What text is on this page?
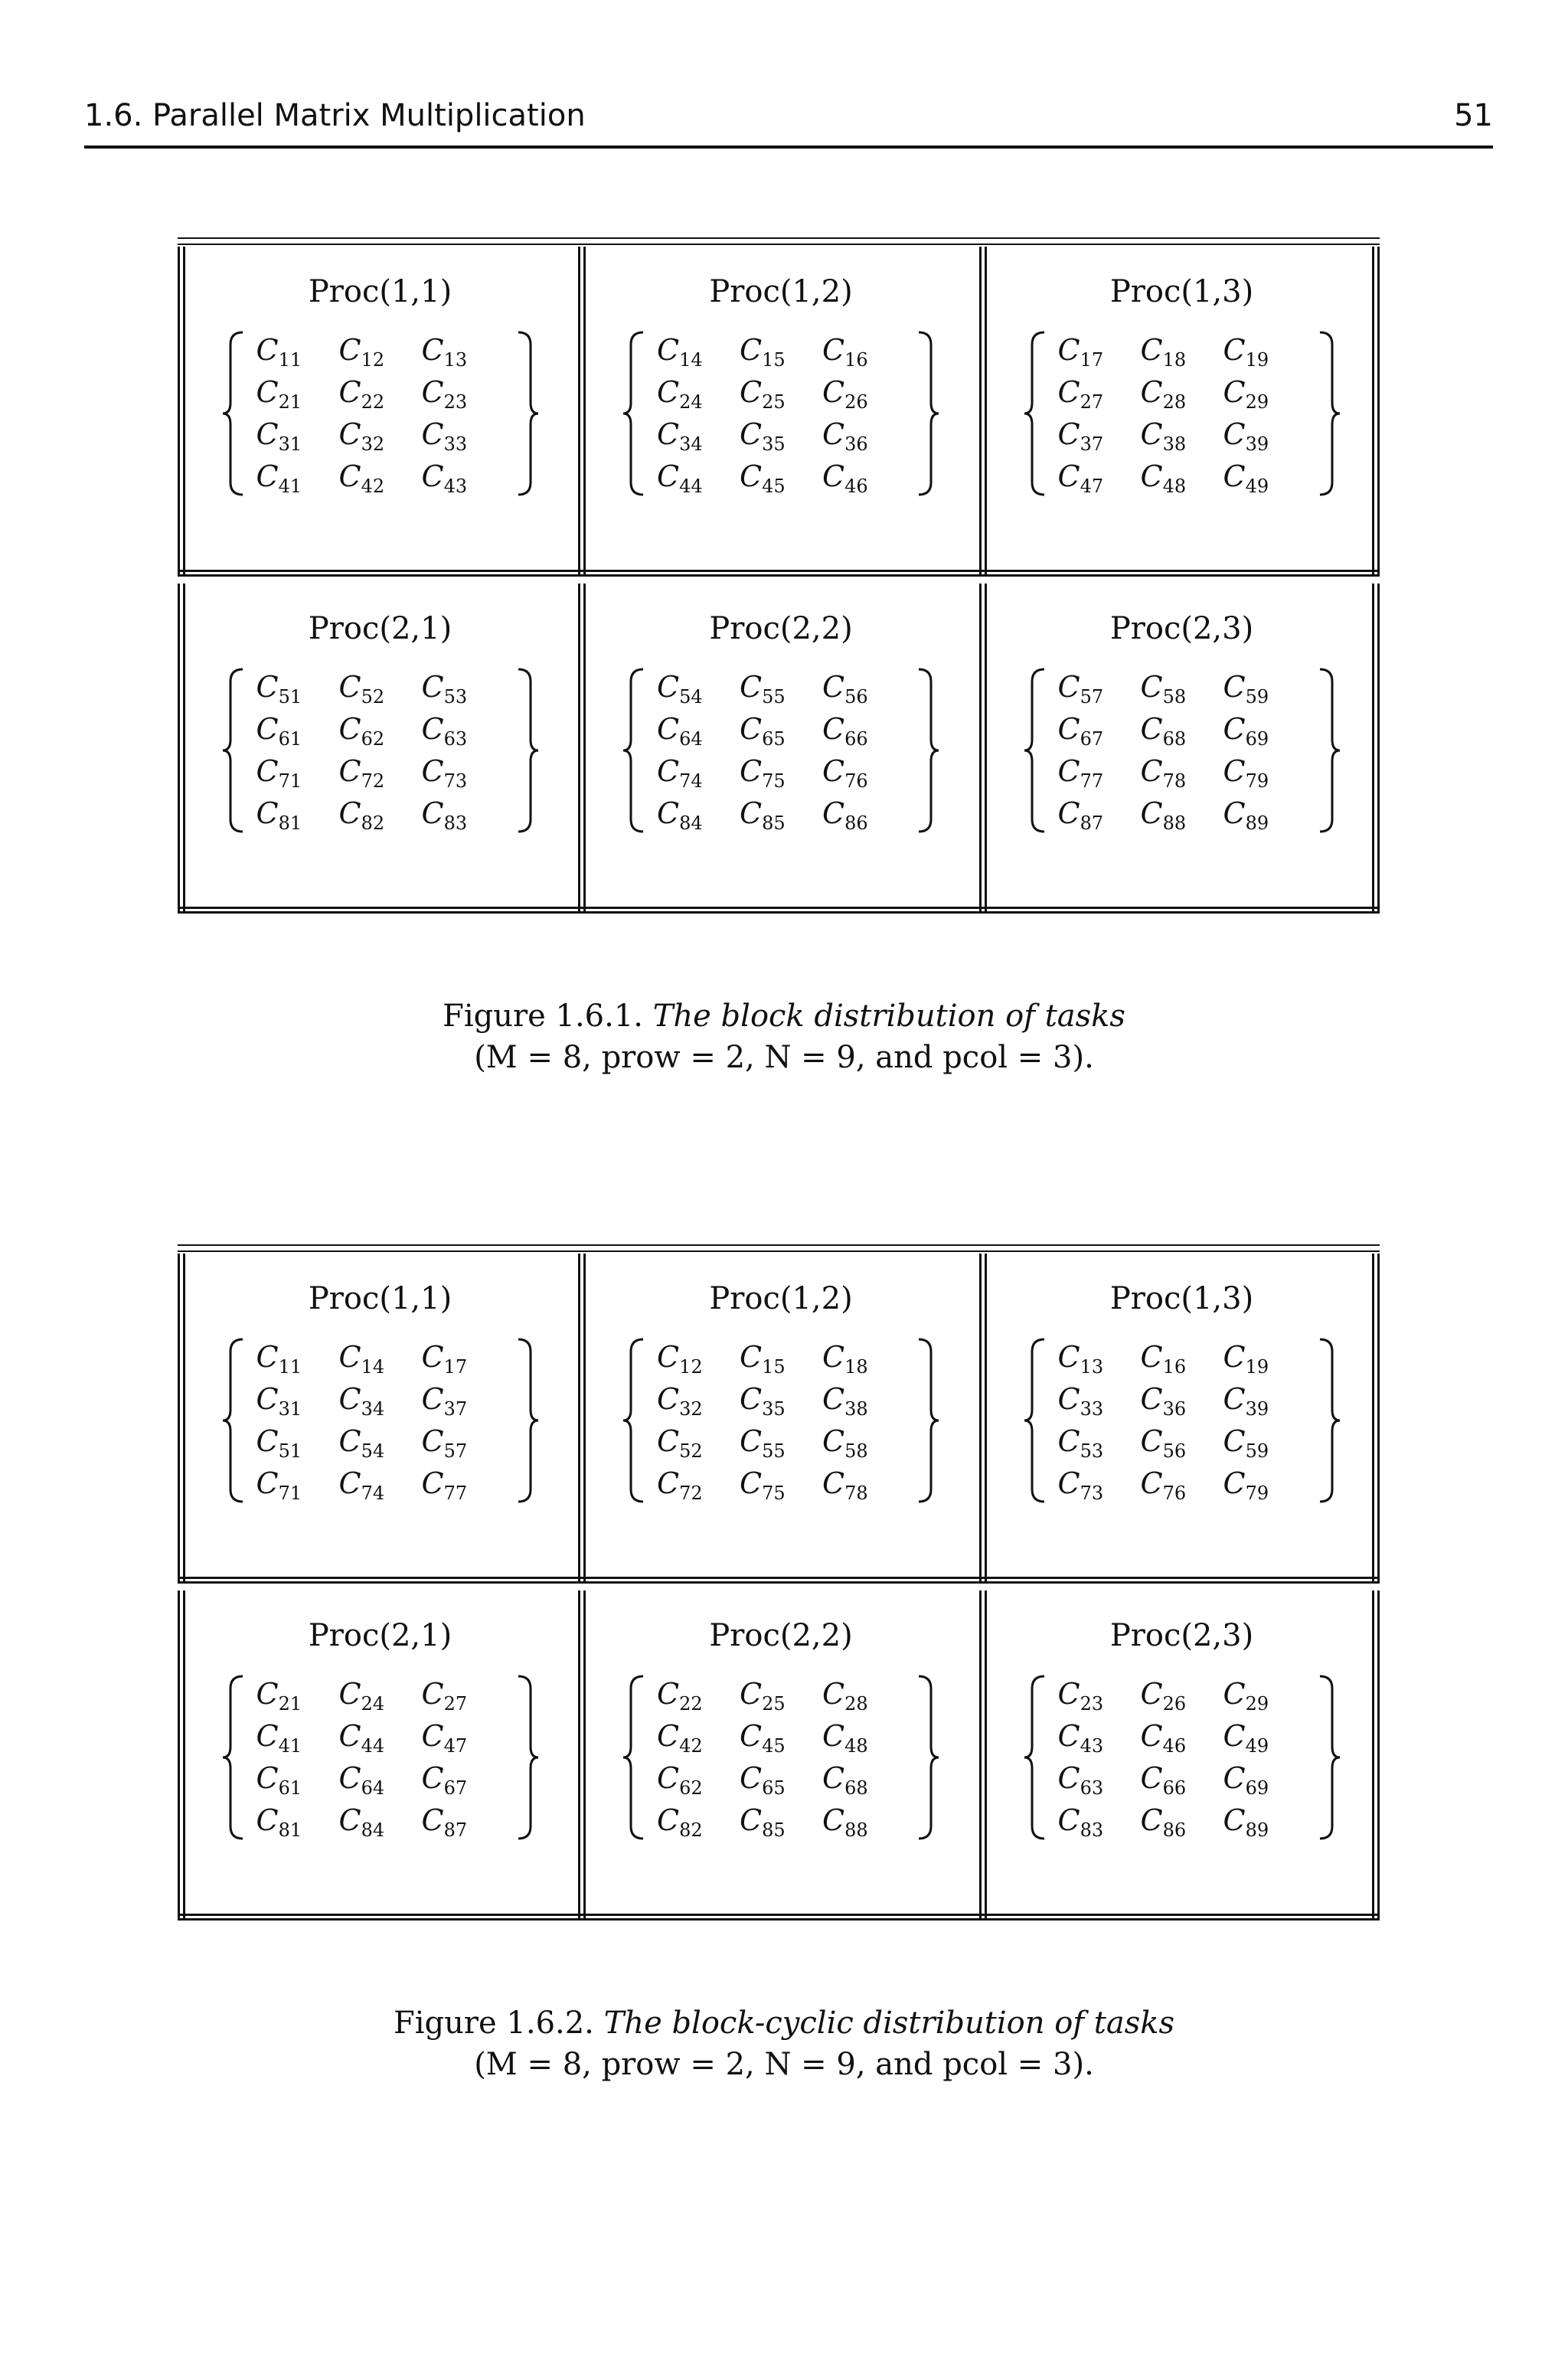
1.6. Parallel Matrix Multiplication	51
Proc(1,1)
$C_{11}$	$C_{12}$	$C_{13}$
$C_{21}$	$C_{22}$	$C_{23}$
$C_{31}$	$C_{32}$	$C_{33}$
$C_{41}$	$C_{42}$	$C_{43}$
Proc(1,2)
$C_{14}$	$C_{15}$	$C_{16}$
$C_{24}$	$C_{25}$	$C_{26}$
$C_{34}$	$C_{35}$	$C_{36}$
$C_{44}$	$C_{45}$	$C_{46}$
Proc(1,3)
$C_{17}$	$C_{18}$	$C_{19}$
$C_{27}$	$C_{28}$	$C_{29}$
$C_{37}$	$C_{38}$	$C_{39}$
$C_{47}$	$C_{48}$	$C_{49}$
Proc(2,1)
$C_{51}$	$C_{52}$	$C_{53}$
$C_{61}$	$C_{62}$	$C_{63}$
$C_{71}$	$C_{72}$	$C_{73}$
$C_{81}$	$C_{82}$	$C_{83}$
Proc(2,2)
$C_{54}$	$C_{55}$	$C_{56}$
$C_{64}$	$C_{65}$	$C_{66}$
$C_{74}$	$C_{75}$	$C_{76}$
$C_{84}$	$C_{85}$	$C_{86}$
Proc(2,3)
$C_{57}$	$C_{58}$	$C_{59}$
$C_{67}$	$C_{68}$	$C_{69}$
$C_{77}$	$C_{78}$	$C_{79}$
$C_{87}$	$C_{88}$	$C_{89}$
Figure 1.6.1. The block distribution of tasks
(M = 8, prow = 2, N = 9, and pcol = 3).
Proc(1,1)
$C_{11}$	$C_{14}$	$C_{17}$
$C_{31}$	$C_{34}$	$C_{37}$
$C_{51}$	$C_{54}$	$C_{57}$
$C_{71}$	$C_{74}$	$C_{77}$
Proc(1,2)
$C_{12}$	$C_{15}$	$C_{18}$
$C_{32}$	$C_{35}$	$C_{38}$
$C_{52}$	$C_{55}$	$C_{58}$
$C_{72}$	$C_{75}$	$C_{78}$
Proc(1,3)
$C_{13}$	$C_{16}$	$C_{19}$
$C_{33}$	$C_{36}$	$C_{39}$
$C_{53}$	$C_{56}$	$C_{59}$
$C_{73}$	$C_{76}$	$C_{79}$
Proc(2,1)
$C_{21}$	$C_{24}$	$C_{27}$
$C_{41}$	$C_{44}$	$C_{47}$
$C_{61}$	$C_{64}$	$C_{67}$
$C_{81}$	$C_{84}$	$C_{87}$
Proc(2,2)
$C_{22}$	$C_{25}$	$C_{28}$
$C_{42}$	$C_{45}$	$C_{48}$
$C_{62}$	$C_{65}$	$C_{68}$
$C_{82}$	$C_{85}$	$C_{88}$
Proc(2,3)
$C_{23}$	$C_{26}$	$C_{29}$
$C_{43}$	$C_{46}$	$C_{49}$
$C_{63}$	$C_{66}$	$C_{69}$
$C_{83}$	$C_{86}$	$C_{89}$
Figure 1.6.2. The block-cyclic distribution of tasks
(M = 8, prow = 2, N = 9, and pcol = 3).
